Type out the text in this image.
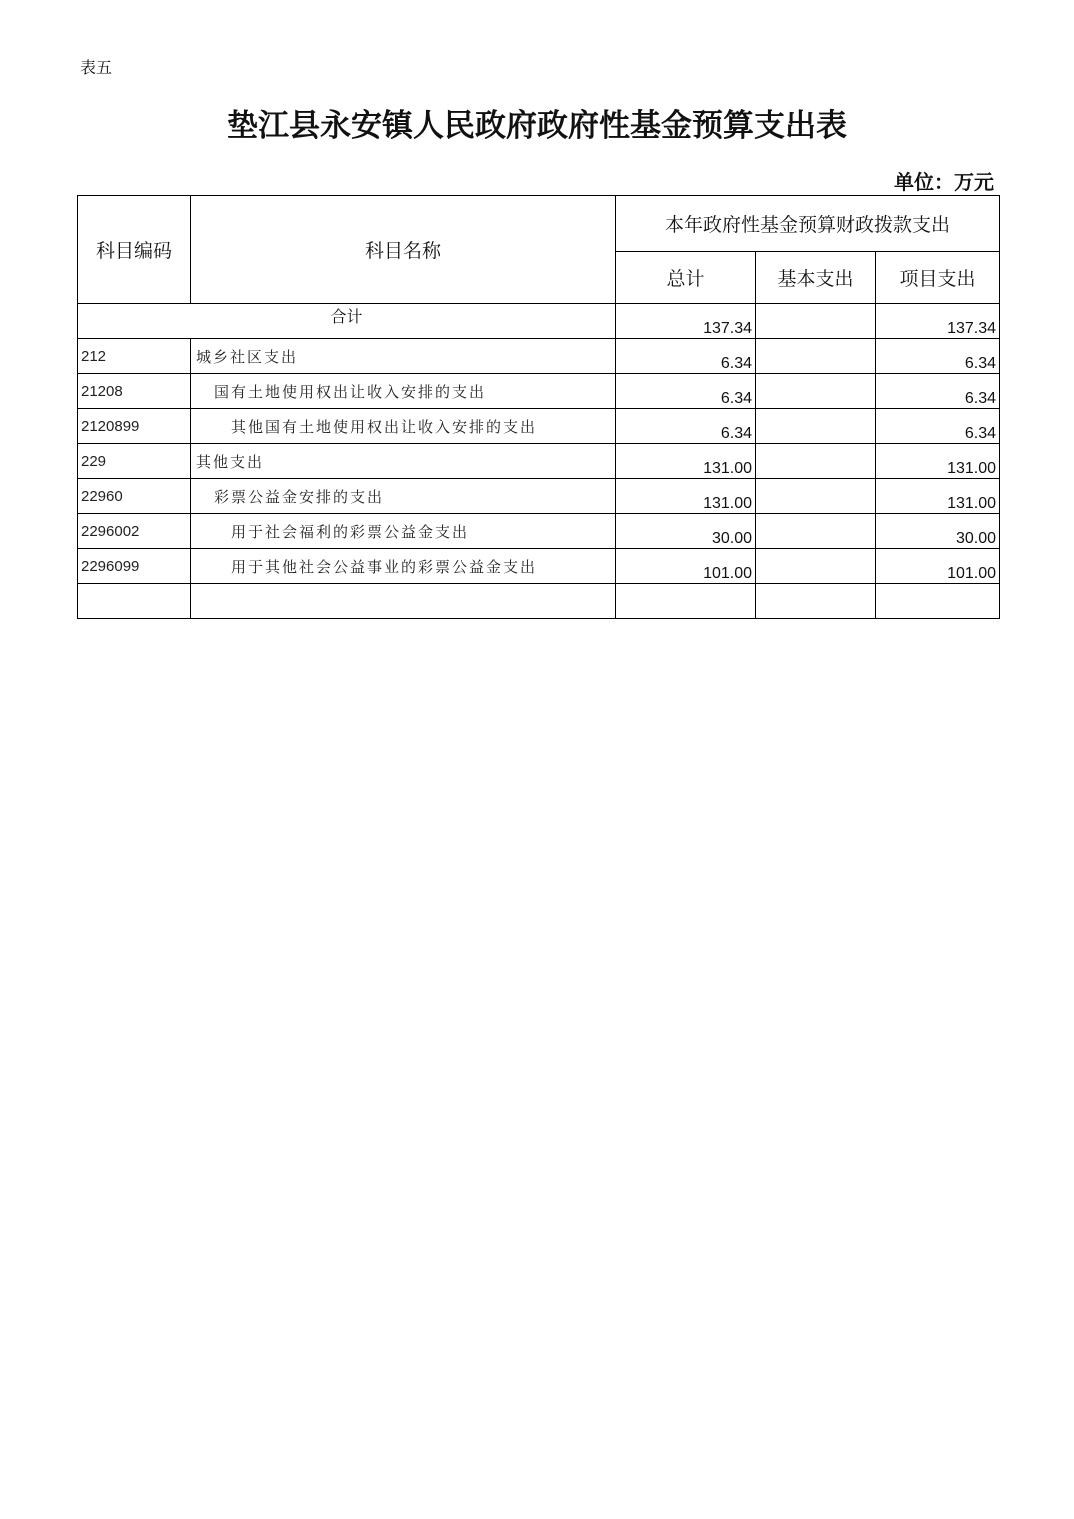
表五
垫江县永安镇人民政府政府性基金预算支出表
单位：万元
科目编码	科目名称	本年政府性基金预算财政拨款支出		
		总计	基本支出	项目支出
合计		137.34		137.34
212	城乡社区支出	6.34		6.34
21208	国有土地使用权出让收入安排的支出	6.34		6.34
2120899	其他国有土地使用权出让收入安排的支出	6.34		6.34
229	其他支出	131.00		131.00
22960	彩票公益金安排的支出	131.00		131.00
2296002	用于社会福利的彩票公益金支出	30.00		30.00
2296099	用于其他社会公益事业的彩票公益金支出	101.00		101.00
